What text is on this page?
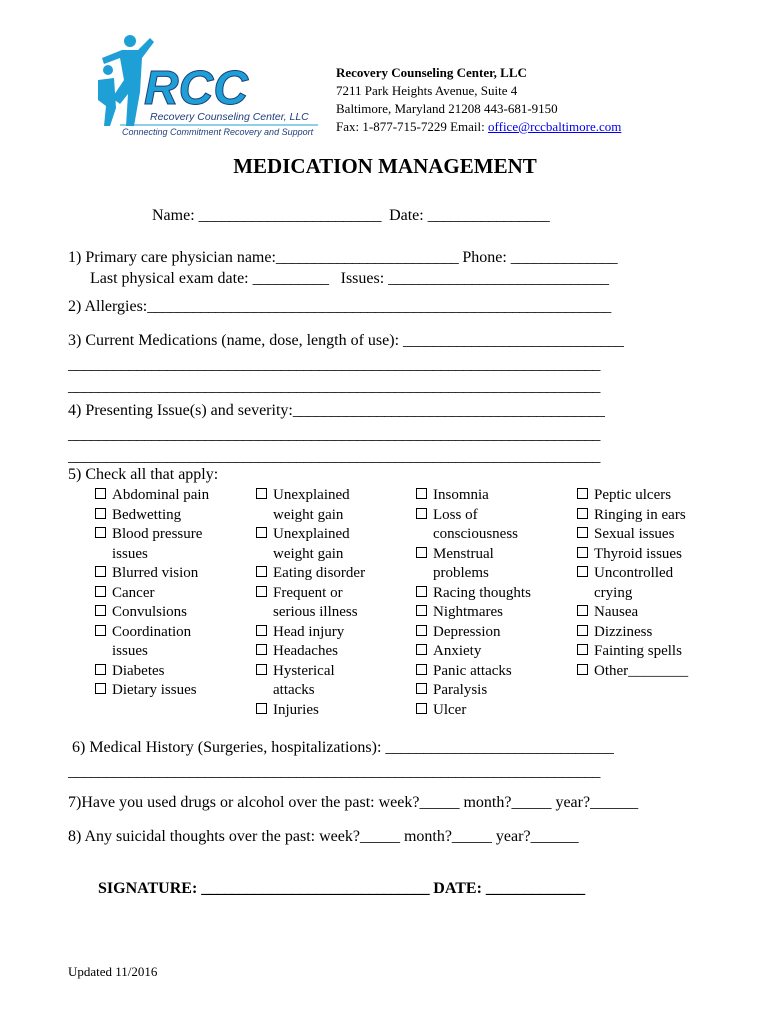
RCC
Recovery Counseling Center, LLC
Connecting Commitment Recovery and Support
Recovery Counseling Center, LLC
7211 Park Heights Avenue, Suite 4
Baltimore, Maryland 21208 443-681-9150
Fax: 1-877-715-7229 Email: office@rccbaltimore.com
MEDICATION MANAGEMENT
Name: ________________________  Date: ________________
1) Primary care physician name:________________________ Phone: ______________
Last physical exam date: __________   Issues: _____________________________
2) Allergies:_____________________________________________________________
3) Current Medications (name, dose, length of use): _____________________________
______________________________________________________________________
______________________________________________________________________
4) Presenting Issue(s) and severity:_________________________________________
______________________________________________________________________
______________________________________________________________________
5) Check all that apply:
Abdominal pain
Bedwetting
Blood pressure
issues
Blurred vision
Cancer
Convulsions
Coordination
issues
Diabetes
Dietary issues
Unexplained
weight gain
Unexplained
weight gain
Eating disorder
Frequent or
serious illness
Head injury
Headaches
Hysterical
attacks
Injuries
Insomnia
Loss of
consciousness
Menstrual
problems
Racing thoughts
Nightmares
Depression
Anxiety
Panic attacks
Paralysis
Ulcer
Peptic ulcers
Ringing in ears
Sexual issues
Thyroid issues
Uncontrolled
crying
Nausea
Dizziness
Fainting spells
Other________
6) Medical History (Surgeries, hospitalizations): ______________________________
______________________________________________________________________
7)Have you used drugs or alcohol over the past: week?_____ month?_____ year?______
8) Any suicidal thoughts over the past: week?_____ month?_____ year?______
SIGNATURE: ______________________________ DATE: _____________
Updated 11/2016
